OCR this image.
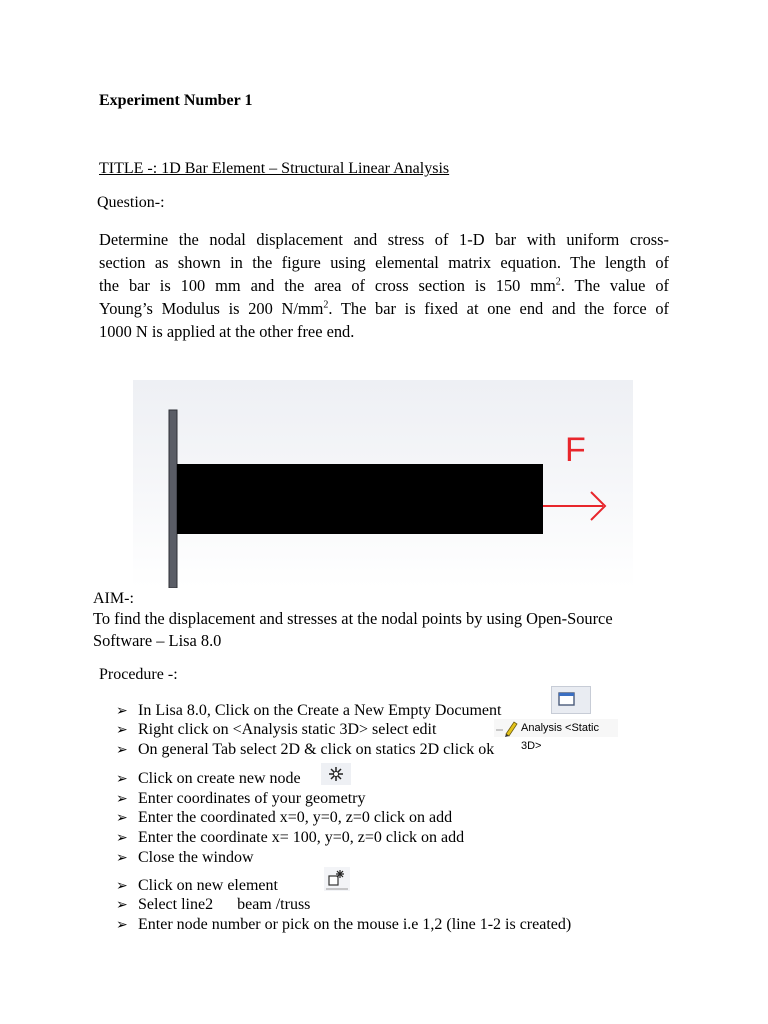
Experiment Number 1
TITLE -: 1D Bar Element – Structural Linear Analysis
Question-:
Determine the nodal displacement and stress of 1-D bar with uniform cross-
section as shown in the figure using elemental matrix equation. The length of
the bar is 100 mm and the area of cross section is 150 $mm^2$. The value of
Young’s Modulus is 200 $N/mm^2$. The bar is fixed at one end and the force of
1000 N is applied at the other free end.
F
AIM-:
To find the displacement and stresses at the nodal points by using Open-Source
Software – Lisa 8.0
Procedure -:
➢ In Lisa 8.0, Click on the Create a New Empty Document
➢ Right click on <Analysis static 3D> select edit
➢ On general Tab select 2D & click on statics 2D click ok
➢ Click on create new node
➢ Enter coordinates of your geometry
➢ Enter the coordinated x=0, y=0, z=0 click on add
➢ Enter the coordinate x= 100, y=0, z=0 click on add
➢ Close the window
➢ Click on new element
➢ Select line2      beam /truss
➢ Enter node number or pick on the mouse i.e 1,2 (line 1-2 is created)
Analysis <Static 3D>
